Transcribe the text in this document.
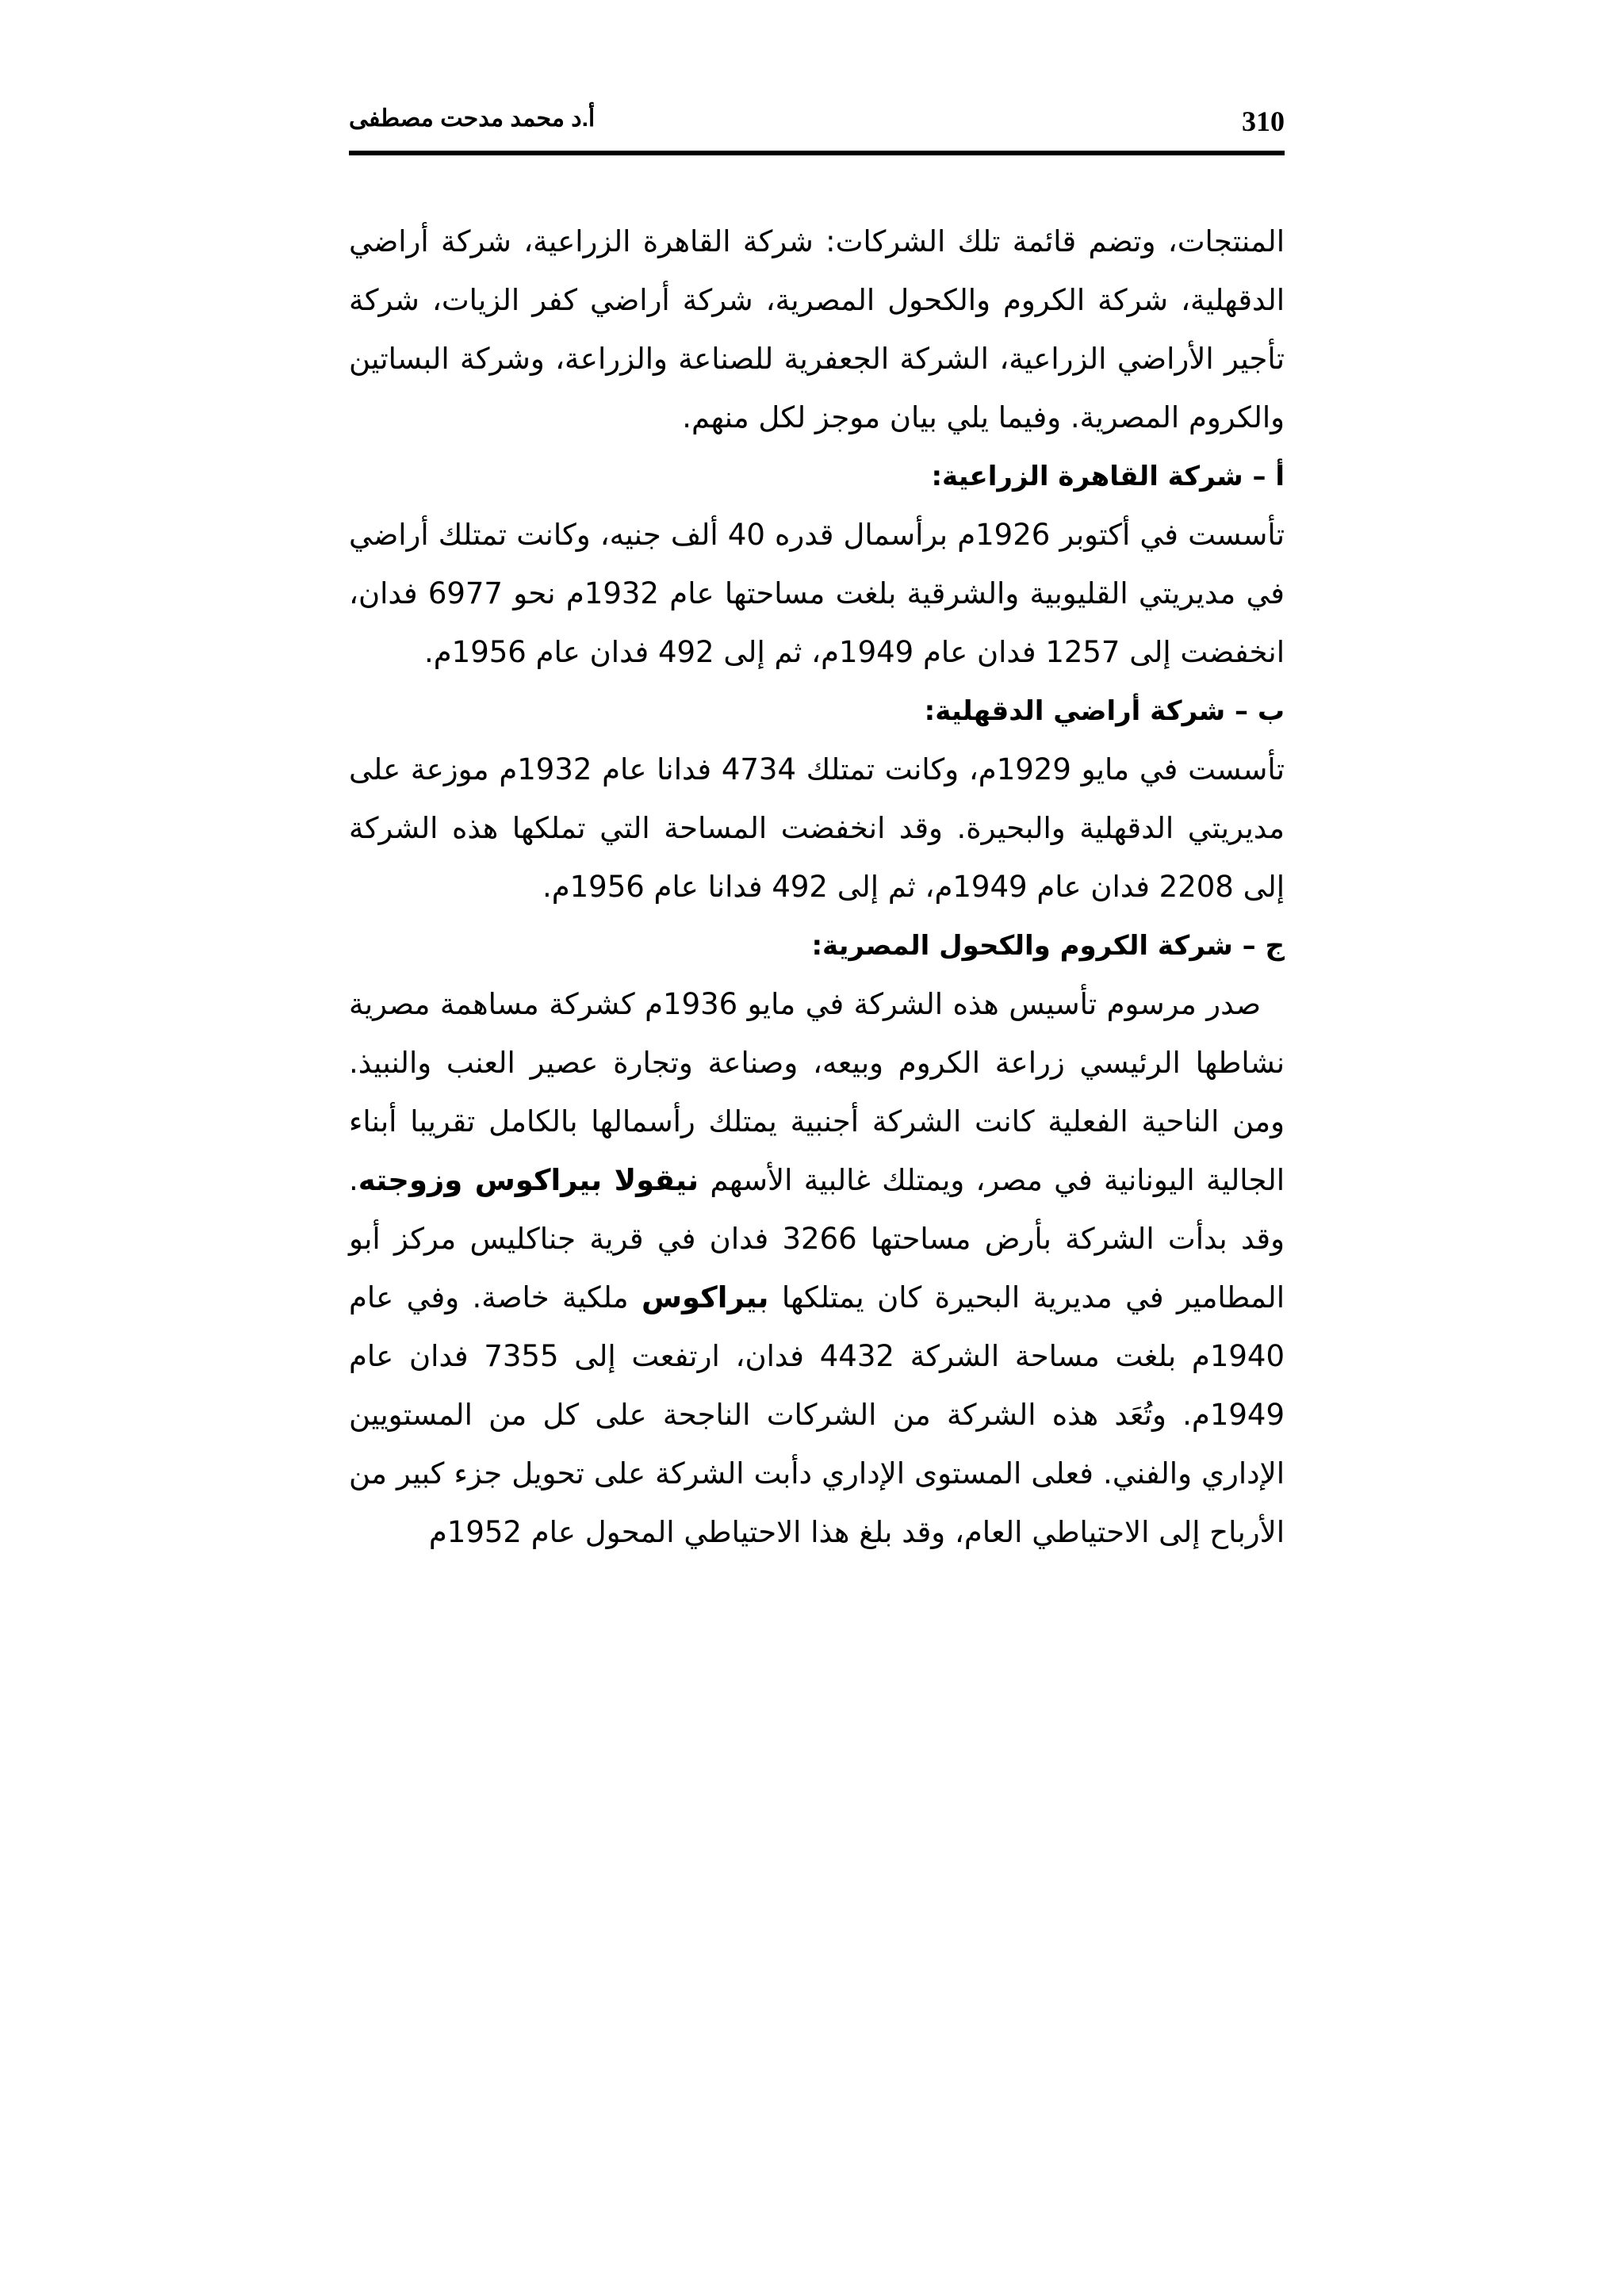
310
أ.د محمد مدحت مصطفى

المنتجات، وتضم قائمة تلك الشركات: شركة القاهرة الزراعية، شركة أراضي الدقهلية، شركة الكروم والكحول المصرية، شركة أراضي كفر الزيات، شركة تأجير الأراضي الزراعية، الشركة الجعفرية للصناعة والزراعة، وشركة البساتين والكروم المصرية. وفيما يلي بيان موجز لكل منهم.

أ – شركة القاهرة الزراعية:

تأسست في أكتوبر 1926م برأسمال قدره 40 ألف جنيه، وكانت تمتلك أراضي في مديريتي القليوبية والشرقية بلغت مساحتها عام 1932م نحو 6977 فدان، انخفضت إلى 1257 فدان عام 1949م، ثم إلى 492 فدان عام 1956م.

ب – شركة أراضي الدقهلية:

تأسست في مايو 1929م، وكانت تمتلك 4734 فدانا عام 1932م موزعة على مديريتي الدقهلية والبحيرة. وقد انخفضت المساحة التي تملكها هذه الشركة إلى 2208 فدان عام 1949م، ثم إلى 492 فدانا عام 1956م.

ج – شركة الكروم والكحول المصرية:

صدر مرسوم تأسيس هذه الشركة في مايو 1936م كشركة مساهمة مصرية نشاطها الرئيسي زراعة الكروم وبيعه، وصناعة وتجارة عصير العنب والنبيذ. ومن الناحية الفعلية كانت الشركة أجنبية يمتلك رأسمالها بالكامل تقريبا أبناء الجالية اليونانية في مصر، ويمتلك غالبية الأسهم نيقولا بيراكوس وزوجته. وقد بدأت الشركة بأرض مساحتها 3266 فدان في قرية جناكليس مركز أبو المطامير في مديرية البحيرة كان يمتلكها بيراكوس ملكية خاصة. وفي عام 1940م بلغت مساحة الشركة 4432 فدان، ارتفعت إلى 7355 فدان عام 1949م. وتُعَد هذه الشركة من الشركات الناجحة على كل من المستويين الإداري والفني. فعلى المستوى الإداري دأبت الشركة على تحويل جزء كبير من الأرباح إلى الاحتياطي العام، وقد بلغ هذا الاحتياطي المحول عام 1952م
